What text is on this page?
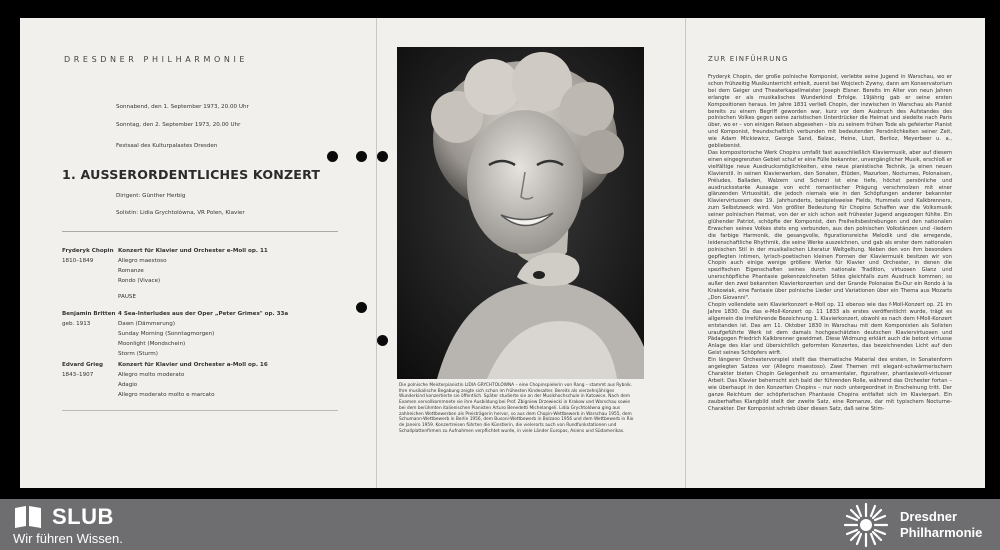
DRESDNER PHILHARMONIE
Sonnabend, den 1. September 1973, 20.00 Uhr
Sonntag, den 2. September 1973, 20.00 Uhr
Festsaal des Kulturpalastes Dresden
1. AUSSERORDENTLICHES KONZERT
Dirigent: Günther Herbig
Solistin: Lidia Grychtolówna, VR Polen, Klavier
Fryderyk Chopin
1810–1849
Konzert für Klavier und Orchester e-Moll op. 11
Allegro maestoso
Romanze
Rondo (Vivace)
PAUSE
Benjamin Britten
geb. 1913
4 Sea-Interludes aus der Oper „Peter Grimes" op. 33a
Dawn (Dämmerung)
Sunday Morning (Sonntagmorgen)
Moonlight (Mondschein)
Storm (Sturm)
Edvard Grieg
1843–1907
Konzert für Klavier und Orchester a-Moll op. 16
Allegro molto moderato
Adagio
Allegro moderato molto e marcato
Die polnische Meisterpianistin LIDIA GRYCHTOLÓWNA – eine Chopinspielerin von Rang – stammt aus Rybnik. Ihre musikalische Begabung zeigte sich schon im frühesten Kindesalter. Bereits als vierzehnjähriges Wunderkind konzertierte sie öffentlich. Später studierte sie an der Musikhochschule in Katowice. Nach dem Examen vervollkommnete sie ihre Ausbildung bei Prof. Zbigniew Drzewiecki in Krakow und Warschau sowie bei dem berühmten italienischen Pianisten Arturo Benedetti Michelangeli. Lidia Grychtolówna ging aus zahlreichen Wettbewerben als Preisträgerin hervor, so aus dem Chopin-Wettbewerb in Warschau 1955, dem Schumann-Wettbewerb in Berlin 1956, dem Busoni-Wettbewerb in Bolzano 1956 und dem Wettbewerb in Rio de Janeiro 1959. Konzertreisen führten die Künstlerin, die vielerorts auch von Rundfunkstationen und Schallplattenfirmen zu Aufnahmen verpflichtet wurde, in viele Länder Europas, Asiens und Südamerikas.
ZUR EINFÜHRUNG

Fryderyk Chopin, der große polnische Komponist, verlebte seine Jugend in Warschau, wo er schon frühzeitig Musikunterricht erhielt, zuerst bei Wojciech Zywny, dann am Konservatorium bei dem Geiger und Theaterkapellmeister Joseph Elsner. Bereits im Alter von neun Jahren erlangte er als musikalisches Wunderkind Erfolge. 19jährig gab er seine ersten Kompositionen heraus. Im Jahre 1831 verließ Chopin, der inzwischen in Warschau als Pianist bereits zu einem Begriff geworden war, kurz vor dem Ausbruch des Aufstandes des polnischen Volkes gegen seine zaristischen Unterdrücker die Heimat und siedelte nach Paris über, wo er – von einigen Reisen abgesehen – bis zu seinem frühen Tode als gefeierter Pianist und Komponist, freundschaftlich verbunden mit bedeutenden Persönlichkeiten seiner Zeit, wie Adam Mickiewicz, George Sand, Balzac, Heine, Liszt, Berlioz, Meyerbeer u. a., gebliebenist.

Das kompositorische Werk Chopins umfaßt fast ausschließlich Klaviermusik, aber auf diesem einen eingegrenzten Gebiet schuf er eine Fülle bekannter, unvergänglicher Musik, erschloß er vielfältige neue Ausdrucksmöglichkeiten, eine neue pianistische Technik, ja einen neuen Klavierstil. In seinen Klavierwerken, den Sonaten, Etüden, Mazurken, Nocturnes, Polonaisen, Préludes, Balladen, Walzern und Scherzi ist eine tiefe, höchst persönliche und ausdrucksstarke Aussage von echt romantischer Prägung verschmolzen mit einer glänzenden Virtuosität, die jedoch niemals wie in den Schöpfungen anderer bekannter Klaviervirtuosen des 19. Jahrhunderts, beispielsweise Fields, Hummels und Kalkbrenners, zum Selbstzweck wird. Von größter Bedeutung für Chopins Schaffen war die Volksmusik seiner polnischen Heimat, von der er sich schon seit frühester Jugend angezogen fühlte. Ein glühender Patriot, schöpfte der Komponist, den Freiheitsbestrebungen und den nationalen Erwachen seines Volkes stets eng verbunden, aus den polnischen Volkstänzen und -liedern die farbige Harmonik, die gesangvolle, figurationsreiche Melodik und die erregende, leidenschaftliche Rhythmik, die seine Werke auszeichnen, und gab als erster dem nationalen polnischen Stil in der musikalischen Literatur Weltgeltung. Neben den von ihm besonders gepflegten intimen, lyrisch-poetischen kleinen Formen der Klaviermusik besitzen wir von Chopin auch einige wenige größere Werke für Klavier und Orchester, in denen die spezifischen Eigenschaften seines durch nationale Tradition, virtuosen Glanz und unerschöpfliche Phantasie gekennzeichneten Stiles gleichfalls zum Ausdruck kommen; so außer den zwei bekannten Klavierkonzerten und der Grande Polonaise Es-Dur ein Rondo à la Krakowiak, eine Fantasie über polnische Lieder und Variationen über ein Thema aus Mozarts „Don Giovanni".

Chopin vollendete sein Klavierkonzert e-Moll op. 11 ebenso wie das f-Moll-Konzert op. 21 im Jahre 1830. Da das e-Moll-Konzert op. 11 1833 als erstes veröffentlicht wurde, trägt es allgemein die irreführende Bezeichnung 1. Klavierkonzert, obwohl es nach dem f-Moll-Konzert entstanden ist. Das am 11. Oktober 1830 in Warschau mit dem Komponisten als Solisten uraufgeführte Werk ist dem damals hochgeschätzten deutschen Klaviervirtuosen und Pädagogen Friedrich Kalkbrenner gewidmet. Diese Widmung erklärt auch die betont virtuose Anlage des klar und übersichtlich geformten Konzertes, das bezeichnendes Licht auf den Geist seines Schöpfers wirft.

Ein längerer Orchestervorspiel stellt das thematische Material des ersten, in Sonatenform angelegten Satzes vor (Allegro maestoso). Zwei Themen mit elegant-schwärmerischem Charakter bieten Chopin Gelegenheit zu ornamentaler, figurativer, phantasievoll-virtuoser Arbeit. Das Klavier beherrscht sich bald der führenden Rolle, während das Orchester fortan – wie überhaupt in den Konzerten Chopins – nur noch untergeordnet in Erscheinung tritt. Der ganze Reichtum der schöpferischen Phantasie Chopins entfaltet sich im Klavierpart. Ein zauberhaftes Klangbild stellt der zweite Satz, eine Romanze, dar mit typischem Nocturne-Charakter. Der Komponist schrieb über diesen Satz, daß seine Stim-

SLUB
Wir führen Wissen.
Dresdner
Philharmonie
